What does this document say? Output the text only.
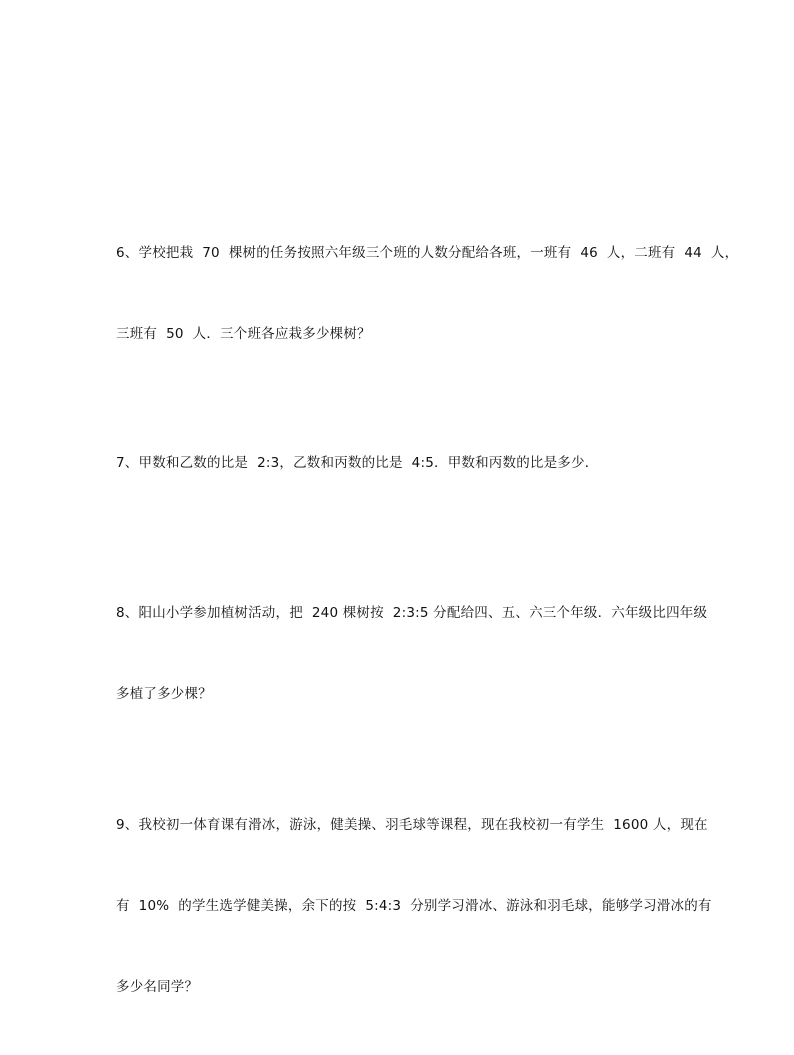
6、学校把栽  70  棵树的任务按照六年级三个班的人数分配给各班，一班有  46  人，二班有  44  人，

三班有  50  人．三个班各应栽多少棵树？

7、甲数和乙数的比是  2:3，乙数和丙数的比是  4:5．甲数和丙数的比是多少．

8、阳山小学参加植树活动，把  240 棵树按  2:3:5 分配给四、五、六三个年级．六年级比四年级

多植了多少棵？

9、我校初一体育课有滑冰，游泳，健美操、羽毛球等课程，现在我校初一有学生  1600 人，现在

有  10%  的学生选学健美操，余下的按  5:4:3  分别学习滑冰、游泳和羽毛球，能够学习滑冰的有

多少名同学？
